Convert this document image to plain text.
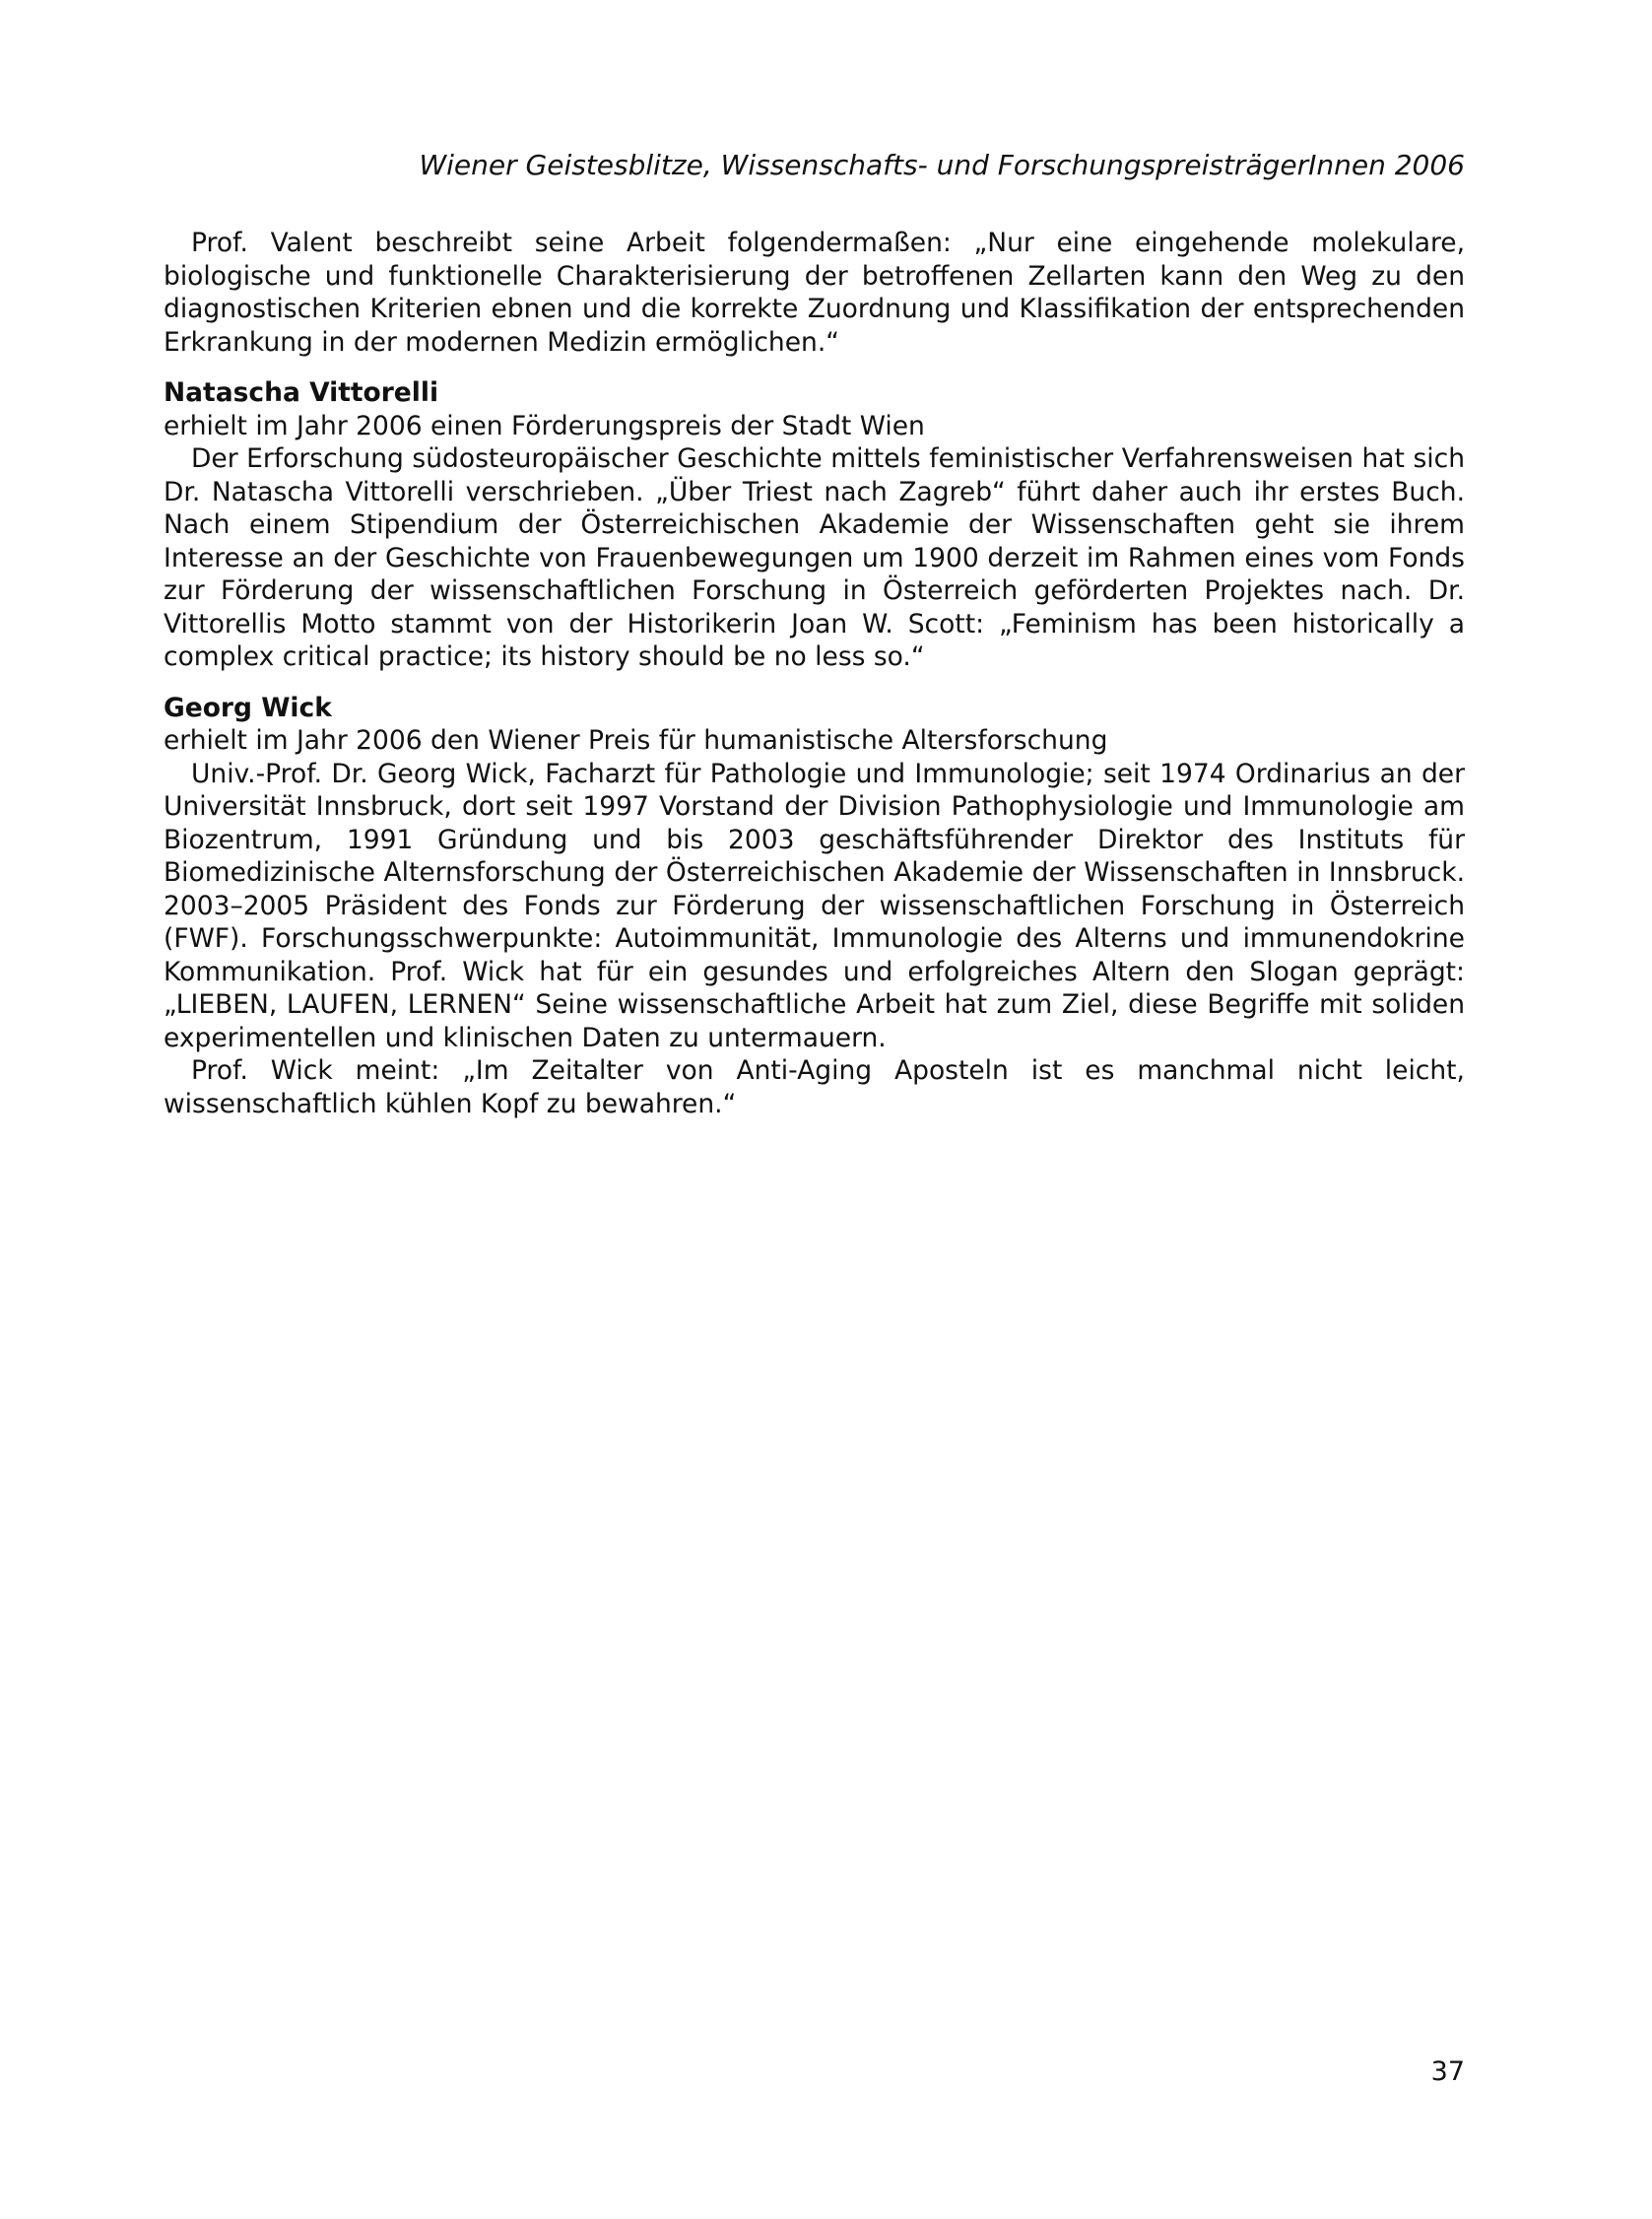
Wiener Geistesblitze, Wissenschafts- und ForschungspreisträgerInnen 2006

Prof. Valent beschreibt seine Arbeit folgendermaßen: „Nur eine eingehende molekulare, biologische und funktionelle Charakterisierung der betroffenen Zellarten kann den Weg zu den diagnostischen Kriterien ebnen und die korrekte Zuordnung und Klassifikation der entsprechenden Erkrankung in der modernen Medizin ermöglichen.“

Natascha Vittorelli

erhielt im Jahr 2006 einen Förderungspreis der Stadt Wien

Der Erforschung südosteuropäischer Geschichte mittels feministischer Verfahrensweisen hat sich Dr. Natascha Vittorelli verschrieben. „Über Triest nach Zagreb“ führt daher auch ihr erstes Buch. Nach einem Stipendium der Österreichischen Akademie der Wissenschaften geht sie ihrem Interesse an der Geschichte von Frauenbewegungen um 1900 derzeit im Rahmen eines vom Fonds zur Förderung der wissenschaftlichen Forschung in Österreich geförderten Projektes nach. Dr. Vittorellis Motto stammt von der Historikerin Joan W. Scott: „Feminism has been historically a complex critical practice; its history should be no less so.“

Georg Wick

erhielt im Jahr 2006 den Wiener Preis für humanistische Altersforschung

Univ.-Prof. Dr. Georg Wick, Facharzt für Pathologie und Immunologie; seit 1974 Ordinarius an der Universität Innsbruck, dort seit 1997 Vorstand der Division Pathophysiologie und Immunologie am Biozentrum, 1991 Gründung und bis 2003 geschäftsführender Direktor des Instituts für Biomedizinische Alternsforschung der Österreichischen Akademie der Wissenschaften in Innsbruck. 2003–2005 Präsident des Fonds zur Förderung der wissenschaftlichen Forschung in Österreich (FWF). Forschungsschwerpunkte: Autoimmunität, Immunologie des Alterns und immunendokrine Kommunikation. Prof. Wick hat für ein gesundes und erfolgreiches Altern den Slogan geprägt: „LIEBEN, LAUFEN, LERNEN“ Seine wissenschaftliche Arbeit hat zum Ziel, diese Begriffe mit soliden experimentellen und klinischen Daten zu untermauern.

Prof. Wick meint: „Im Zeitalter von Anti-Aging Aposteln ist es manchmal nicht leicht, wissenschaftlich kühlen Kopf zu bewahren.“

37
